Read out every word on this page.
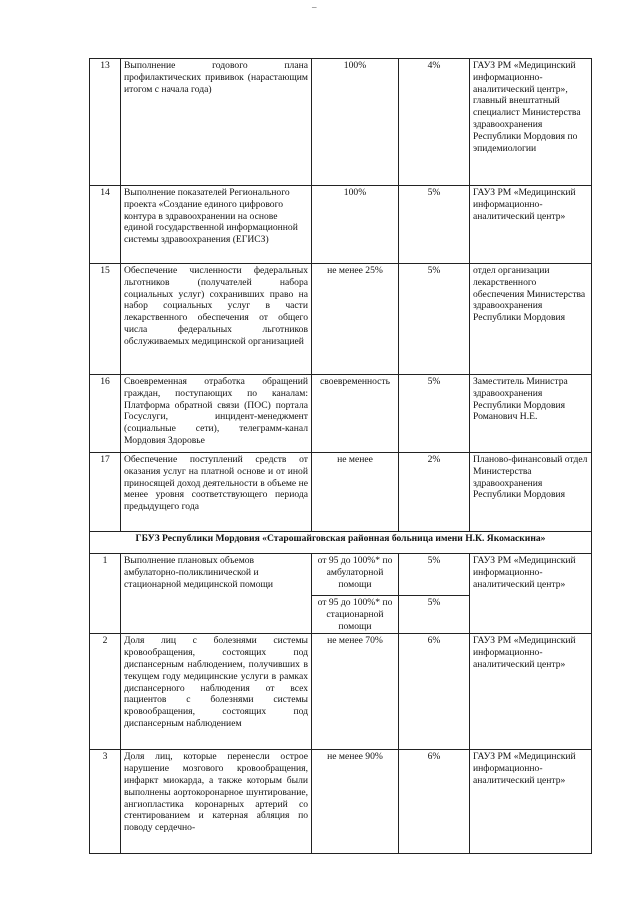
–
13	Выполнение годового плана профилактических прививок (нарастающим итогом с начала года)	100%	4%	ГАУЗ РМ «Медицинский информационно-аналитический центр», главный внештатный специалист Министерства здравоохранения Республики Мордовия по эпидемиологии
14	Выполнение показателей Регионального проекта «Создание единого цифрового контура в здравоохранении на основе единой государственной информационной системы здравоохранения (ЕГИСЗ)	100%	5%	ГАУЗ РМ «Медицинский информационно-аналитический центр»
15	Обеспечение численности федеральных льготников (получателей набора социальных услуг) сохранивших право на набор социальных услуг в части лекарственного обеспечения от общего числа федеральных льготников обслуживаемых медицинской организацией	не менее 25%	5%	отдел организации лекарственного обеспечения Министерства здравоохранения Республики Мордовия
16	Своевременная отработка обращений граждан, поступающих по каналам: Платформа обратной связи (ПОС) портала Госуслуги, инцидент-менеджмент (социальные сети), телеграмм-канал Мордовия Здоровье	своевременность	5%	Заместитель Министра здравоохранения Республики Мордовия Романович Н.Е.
17	Обеспечение поступлений средств от оказания услуг на платной основе и от иной приносящей доход деятельности в объеме не менее уровня соответствующего периода предыдущего года	не менее	2%	Планово-финансовый отдел Министерства здравоохранения Республики Мордовия
ГБУЗ Республики Мордовия «Старошайговская районная больница имени Н.К. Якомаскина»				
1	Выполнение плановых объемов амбулаторно-поликлинической и стационарной медицинской помощи	от 95 до 100%* по амбулаторной помощи	5%	ГАУЗ РМ «Медицинский информационно-аналитический центр»
		от 95 до 100%* по стационарной помощи	5%	
2	Доля лиц с болезнями системы кровообращения, состоящих под диспансерным наблюдением, получивших в текущем году медицинские услуги в рамках диспансерного наблюдения от всех пациентов с болезнями системы кровообращения, состоящих под диспансерным наблюдением	не менее 70%	6%	ГАУЗ РМ «Медицинский информационно-аналитический центр»
3	Доля лиц, которые перенесли острое нарушение мозгового кровообращения, инфаркт миокарда, а также которым были выполнены аортокоронарное шунтирование, ангиопластика коронарных артерий со стентированием и катерная абляция по поводу сердечно-	не менее 90%	6%	ГАУЗ РМ «Медицинский информационно-аналитический центр»
